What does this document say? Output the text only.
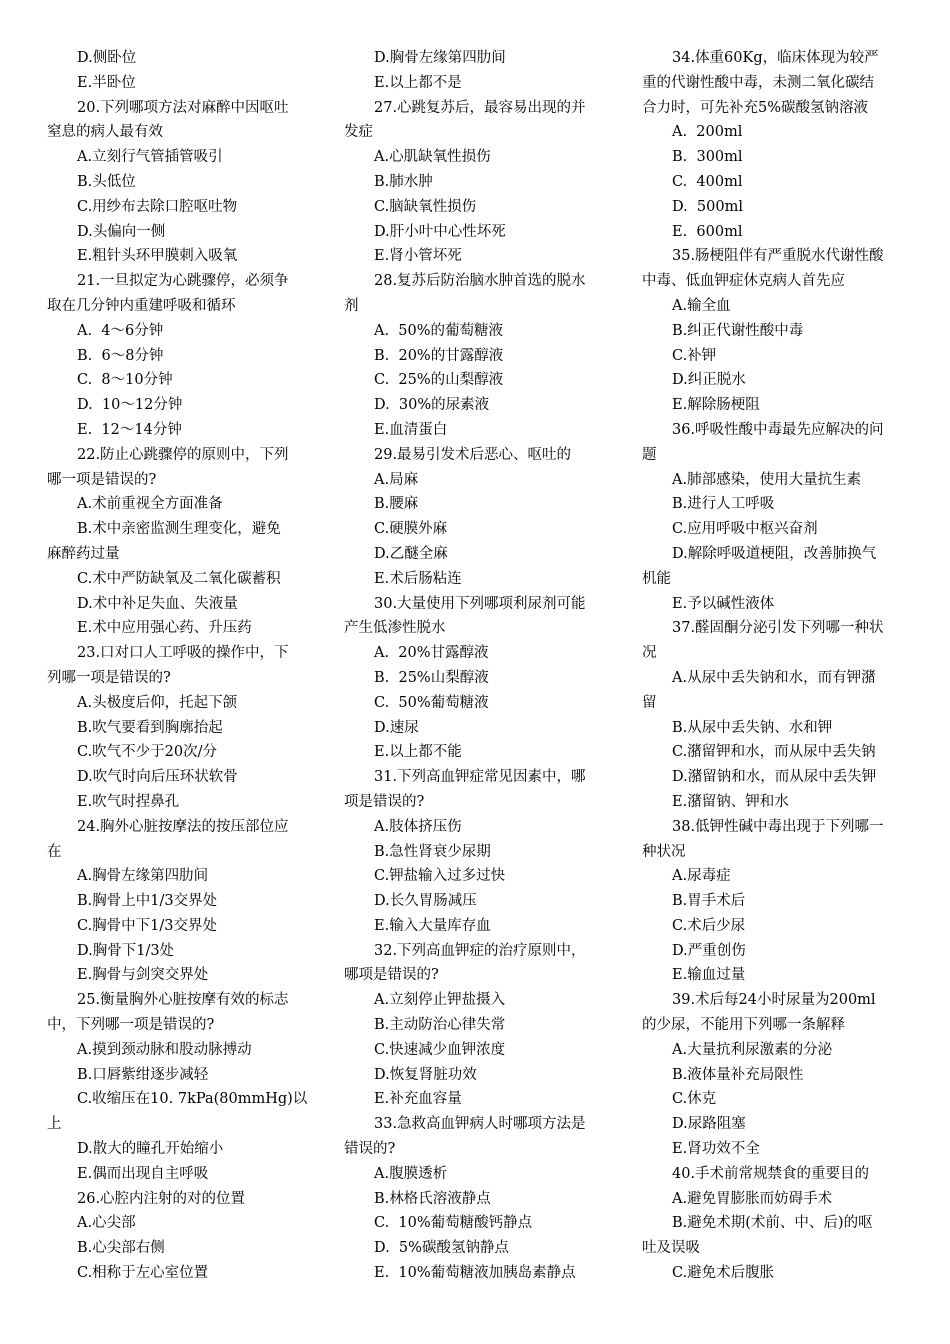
D.侧卧位
E.半卧位
20.下列哪项方法对麻醉中因呕吐
窒息的病人最有效
A.立刻行气管插管吸引
B.头低位
C.用纱布去除口腔呕吐物
D.头偏向一侧
E.粗针头环甲膜刺入吸氧
21.一旦拟定为心跳骤停，必须争
取在几分钟内重建呼吸和循环
A.  4～6分钟
B.  6～8分钟
C.  8～10分钟
D.  10～12分钟
E.  12～14分钟
22.防止心跳骤停的原则中，下列
哪一项是错误的?
A.术前重视全方面准备
B.术中亲密监测生理变化，避免
麻醉药过量
C.术中严防缺氧及二氧化碳蓄积
D.术中补足失血、失液量
E.术中应用强心药、升压药
23.口对口人工呼吸的操作中，下
列哪一项是错误的?
A.头极度后仰，托起下颌
B.吹气要看到胸廓抬起
C.吹气不少于20次/分
D.吹气时向后压环状软骨
E.吹气时捏鼻孔
24.胸外心脏按摩法的按压部位应
在
A.胸骨左缘第四肋间
B.胸骨上中1/3交界处
C.胸骨中下1/3交界处
D.胸骨下1/3处
E.胸骨与剑突交界处
25.衡量胸外心脏按摩有效的标志
中，下列哪一项是错误的?
A.摸到颈动脉和股动脉搏动
B.口唇紫绀逐步减轻
C.收缩压在10. 7kPa(80mmHg)以
上
D.散大的瞳孔开始缩小
E.偶而出现自主呼吸
26.心腔内注射的对的位置
A.心尖部
B.心尖部右侧
C.相称于左心室位置
D.胸骨左缘第四肋间
E.以上都不是
27.心跳复苏后，最容易出现的并
发症
A.心肌缺氧性损伤
B.肺水肿
C.脑缺氧性损伤
D.肝小叶中心性坏死
E.肾小管坏死
28.复苏后防治脑水肿首选的脱水
剂
A.  50%的葡萄糖液
B.  20%的甘露醇液
C.  25%的山梨醇液
D.  30%的尿素液
E.血清蛋白
29.最易引发术后恶心、呕吐的
A.局麻
B.腰麻
C.硬膜外麻
D.乙醚全麻
E.术后肠粘连
30.大量使用下列哪项利尿剂可能
产生低渗性脱水
A.  20%甘露醇液
B.  25%山梨醇液
C.  50%葡萄糖液
D.速尿
E.以上都不能
31.下列高血钾症常见因素中，哪
项是错误的?
A.肢体挤压伤
B.急性肾衰少尿期
C.钾盐输入过多过快
D.长久胃肠减压
E.输入大量库存血
32.下列高血钾症的治疗原则中，
哪项是错误的?
A.立刻停止钾盐摄入
B.主动防治心律失常
C.快速减少血钾浓度
D.恢复肾脏功效
E.补充血容量
33.急救高血钾病人时哪项方法是
错误的?
A.腹膜透析
B.林格氏溶液静点
C.  10%葡萄糖酸钙静点
D.  5%碳酸氢钠静点
E.  10%葡萄糖液加胰岛素静点
34.体重60Kg，临床体现为较严
重的代谢性酸中毒，未测二氧化碳结
合力时，可先补充5%碳酸氢钠溶液
A.  200ml
B.  300ml
C.  400ml
D.  500ml
E.  600ml
35.肠梗阻伴有严重脱水代谢性酸
中毒、低血钾症休克病人首先应
A.输全血
B.纠正代谢性酸中毒
C.补钾
D.纠正脱水
E.解除肠梗阻
36.呼吸性酸中毒最先应解决的问
题
A.肺部感染，使用大量抗生素
B.进行人工呼吸
C.应用呼吸中枢兴奋剂
D.解除呼吸道梗阻，改善肺换气
机能
E.予以碱性液体
37.醛固酮分泌引发下列哪一种状
况
A.从尿中丢失钠和水，而有钾潴
留
B.从尿中丢失钠、水和钾
C.潴留钾和水，而从尿中丢失钠
D.潴留钠和水，而从尿中丢失钾
E.潴留钠、钾和水
38.低钾性碱中毒出现于下列哪一
种状况
A.尿毒症
B.胃手术后
C.术后少尿
D.严重创伤
E.输血过量
39.术后每24小时尿量为200ml
的少尿，不能用下列哪一条解释
A.大量抗利尿激素的分泌
B.液体量补充局限性
C.休克
D.尿路阻塞
E.肾功效不全
40.手术前常规禁食的重要目的
A.避免胃膨胀而妨碍手术
B.避免术期(术前、中、后)的呕
吐及误吸
C.避免术后腹胀
